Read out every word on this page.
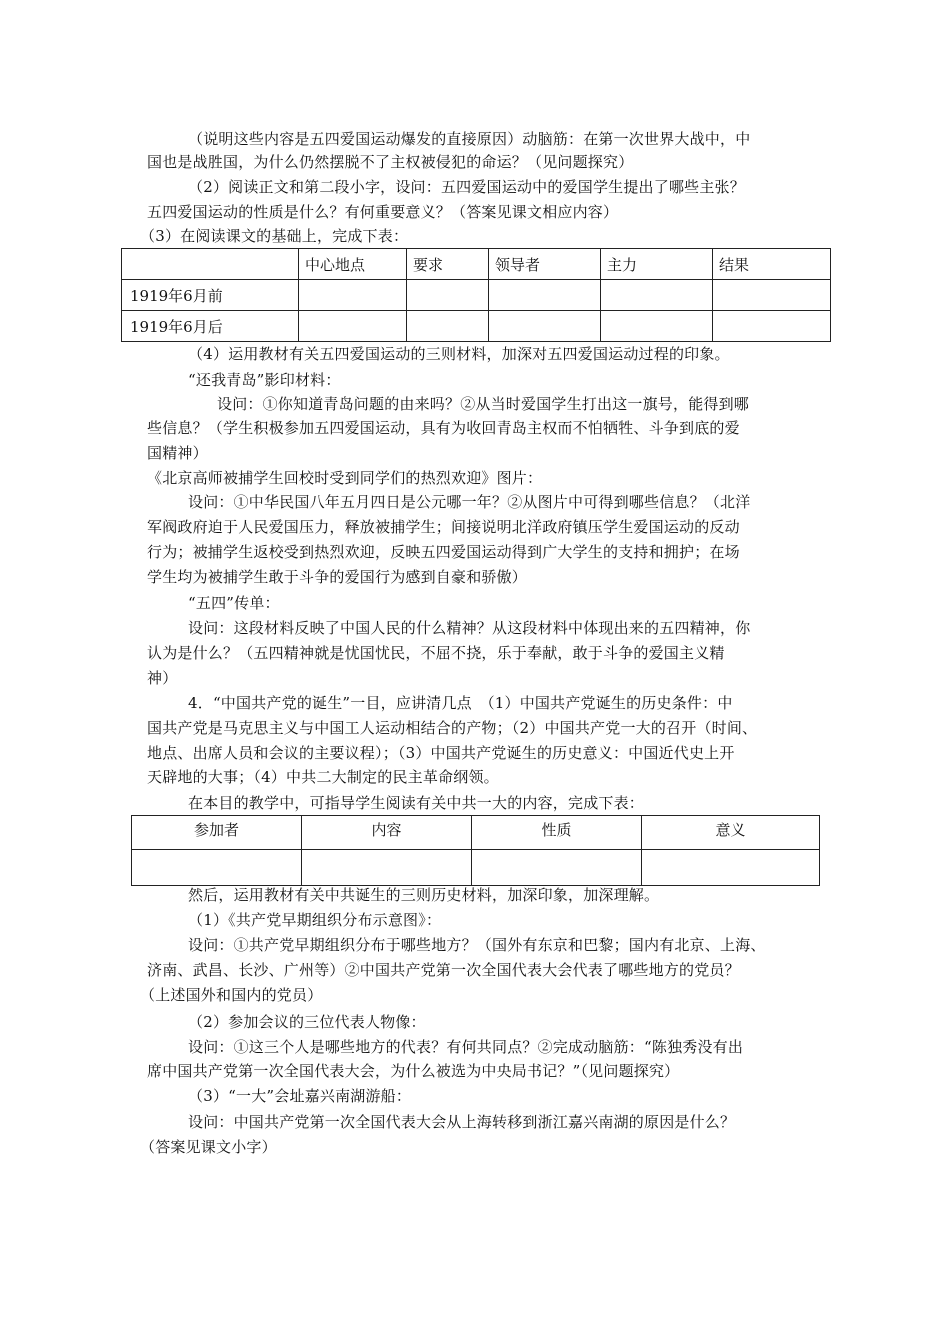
（说明这些内容是五四爱国运动爆发的直接原因）动脑筋：在第一次世界大战中，中
国也是战胜国，为什么仍然摆脱不了主权被侵犯的命运？（见问题探究）
（2）阅读正文和第二段小字，设问：五四爱国运动中的爱国学生提出了哪些主张？
五四爱国运动的性质是什么？有何重要意义？（答案见课文相应内容）
（3）在阅读课文的基础上，完成下表：
	中心地点	要求	领导者	主力	结果
1919年6月前					
1919年6月后					
（4）运用教材有关五四爱国运动的三则材料，加深对五四爱国运动过程的印象。
“还我青岛”影印材料：
设问：①你知道青岛问题的由来吗？②从当时爱国学生打出这一旗号，能得到哪
些信息？（学生积极参加五四爱国运动，具有为收回青岛主权而不怕牺牲、斗争到底的爱
国精神）
《北京高师被捕学生回校时受到同学们的热烈欢迎》图片：
设问：①中华民国八年五月四日是公元哪一年？②从图片中可得到哪些信息？（北洋
军阀政府迫于人民爱国压力，释放被捕学生；间接说明北洋政府镇压学生爱国运动的反动
行为；被捕学生返校受到热烈欢迎，反映五四爱国运动得到广大学生的支持和拥护；在场
学生均为被捕学生敢于斗争的爱国行为感到自豪和骄傲）
“五四”传单：
设问：这段材料反映了中国人民的什么精神？从这段材料中体现出来的五四精神，你
认为是什么？（五四精神就是忧国忧民，不屈不挠，乐于奉献，敢于斗争的爱国主义精
神）
4．“中国共产党的诞生”一目，应讲清几点　（1）中国共产党诞生的历史条件：中
国共产党是马克思主义与中国工人运动相结合的产物；（2）中国共产党一大的召开（时间、
地点、出席人员和会议的主要议程）；（3）中国共产党诞生的历史意义：中国近代史上开
天辟地的大事；（4）中共二大制定的民主革命纲领。
在本目的教学中，可指导学生阅读有关中共一大的内容，完成下表：
参加者	内容	性质	意义

然后，运用教材有关中共诞生的三则历史材料，加深印象，加深理解。
（1）《共产党早期组织分布示意图》：
设问：①共产党早期组织分布于哪些地方？（国外有东京和巴黎；国内有北京、上海、
济南、武昌、长沙、广州等）②中国共产党第一次全国代表大会代表了哪些地方的党员？
（上述国外和国内的党员）
（2）参加会议的三位代表人物像：
设问：①这三个人是哪些地方的代表？有何共同点？②完成动脑筋：“陈独秀没有出
席中国共产党第一次全国代表大会，为什么被选为中央局书记？”（见问题探究）
（3）“一大”会址嘉兴南湖游船：
设问：中国共产党第一次全国代表大会从上海转移到浙江嘉兴南湖的原因是什么？
（答案见课文小字）
